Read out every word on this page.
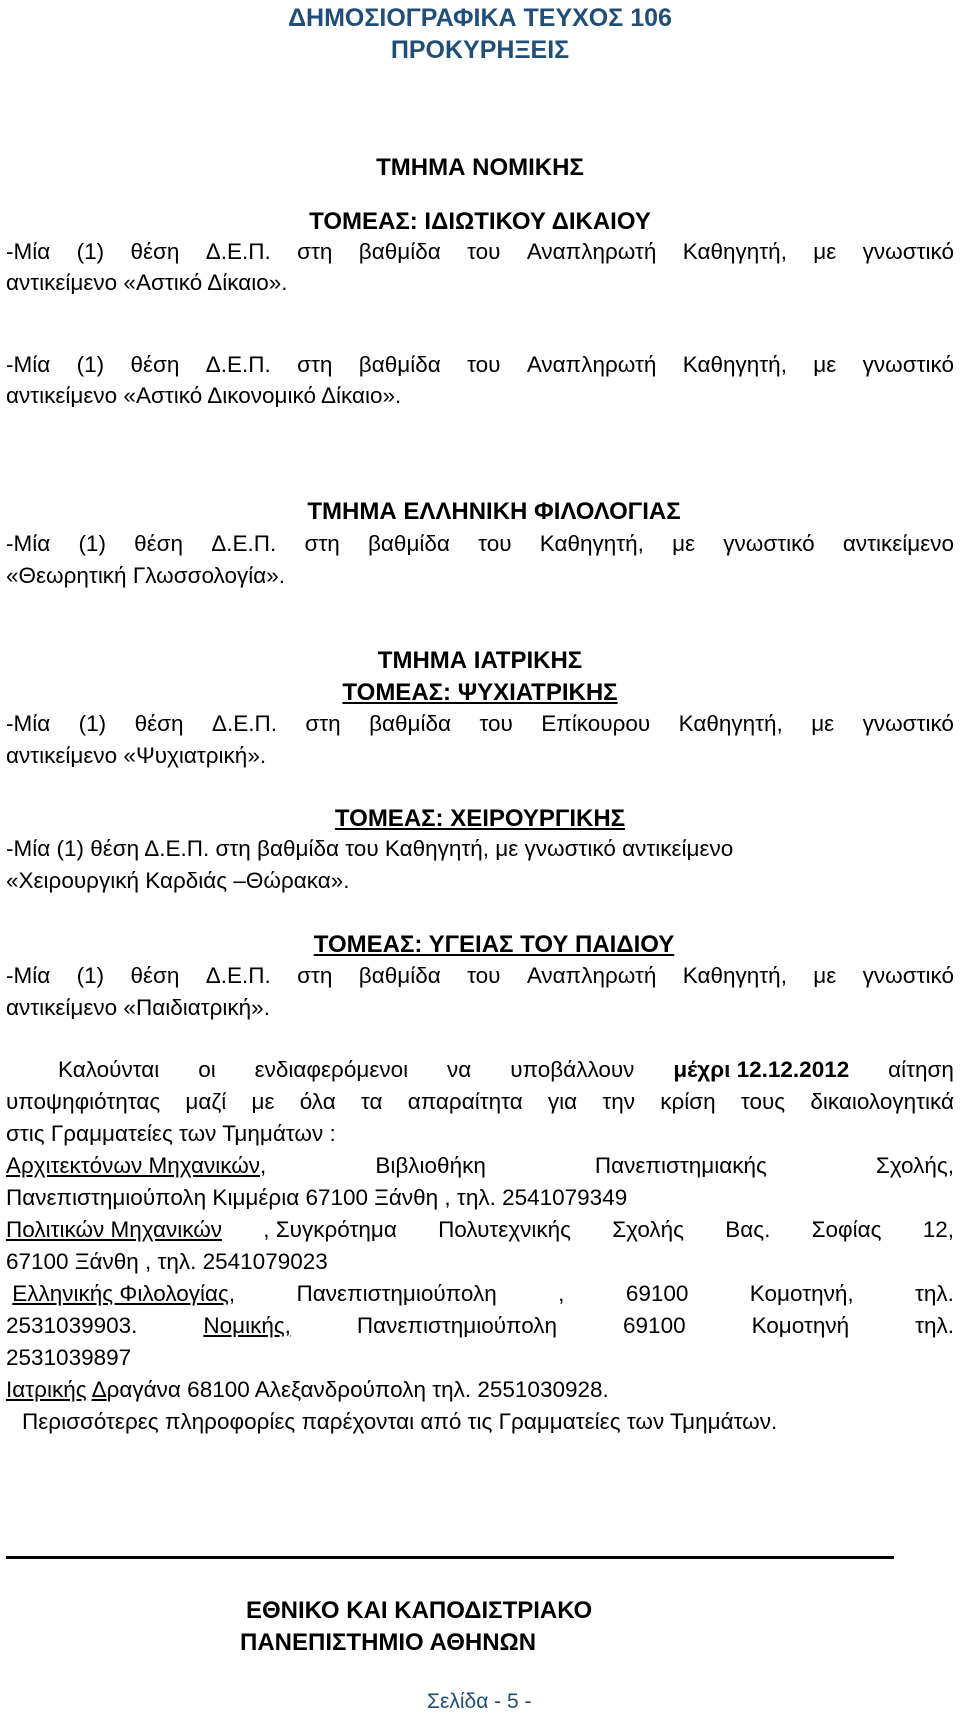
ΔΗΜΟΣΙΟΓΡΑΦΙΚΑ ΤΕΥΧΟΣ 106
ΠΡΟΚΥΡΗΞΕΙΣ
ΤΜΗΜΑ ΝΟΜΙΚΗΣ
ΤΟΜΕΑΣ: ΙΔΙΩΤΙΚΟΥ ΔΙΚΑΙΟΥ
-Μία (1) θέση Δ.Ε.Π. στη βαθμίδα του Αναπληρωτή Καθηγητή, με γνωστικό
αντικείμενο «Αστικό Δίκαιο».
-Μία (1) θέση Δ.Ε.Π. στη βαθμίδα του Αναπληρωτή Καθηγητή, με γνωστικό
αντικείμενο «Αστικό Δικονομικό Δίκαιο».
ΤΜΗΜΑ ΕΛΛΗΝΙΚΗ ΦΙΛΟΛΟΓΙΑΣ
-Μία (1) θέση Δ.Ε.Π. στη βαθμίδα του Καθηγητή, με γνωστικό αντικείμενο
«Θεωρητική Γλωσσολογία».
ΤΜΗΜΑ ΙΑΤΡΙΚΗΣ
ΤΟΜΕΑΣ: ΨΥΧΙΑΤΡΙΚΗΣ
-Μία (1) θέση Δ.Ε.Π. στη βαθμίδα του Επίκουρου Καθηγητή, με γνωστικό
αντικείμενο «Ψυχιατρική».
ΤΟΜΕΑΣ: ΧΕΙΡΟΥΡΓΙΚΗΣ
-Μία (1) θέση Δ.Ε.Π. στη βαθμίδα του Καθηγητή, με γνωστικό αντικείμενο
«Χειρουργική Καρδιάς –Θώρακα».
ΤΟΜΕΑΣ: ΥΓΕΙΑΣ ΤΟΥ ΠΑΙΔΙΟΥ
-Μία (1) θέση Δ.Ε.Π. στη βαθμίδα του Αναπληρωτή Καθηγητή, με γνωστικό
αντικείμενο «Παιδιατρική».
Καλούνται οι ενδιαφερόμενοι να υποβάλλουν μέχρι 12.12.2012 αίτηση
υποψηφιότητας μαζί με όλα τα απαραίτητα για την κρίση τους δικαιολογητικά
στις Γραμματείες των Τμημάτων :
Αρχιτεκτόνων Μηχανικών,	Βιβλιοθήκη	Πανεπιστημιακής	Σχολής,
Πανεπιστημιούπολη Κιμμέρια 67100 Ξάνθη , τηλ. 2541079349
Πολιτικών Μηχανικών , Συγκρότημα Πολυτεχνικής Σχολής Βας. Σοφίας 12,
67100 Ξάνθη , τηλ. 2541079023
Ελληνικής Φιλολογίας,	Πανεπιστημιούπολη	,	69100	Κομοτηνή,	τηλ.
2531039903.	Νομικής,	Πανεπιστημιούπολη	69100	Κομοτηνή	τηλ.
2531039897
Ιατρικής Δραγάνα 68100 Αλεξανδρούπολη τηλ. 2551030928.
Περισσότερες πληροφορίες παρέχονται από τις Γραμματείες των Τμημάτων.
ΕΘΝΙΚΟ ΚΑΙ ΚΑΠΟΔΙΣΤΡΙΑΚΟ
ΠΑΝΕΠΙΣΤΗΜΙΟ ΑΘΗΝΩΝ
Σελίδα - 5 -
